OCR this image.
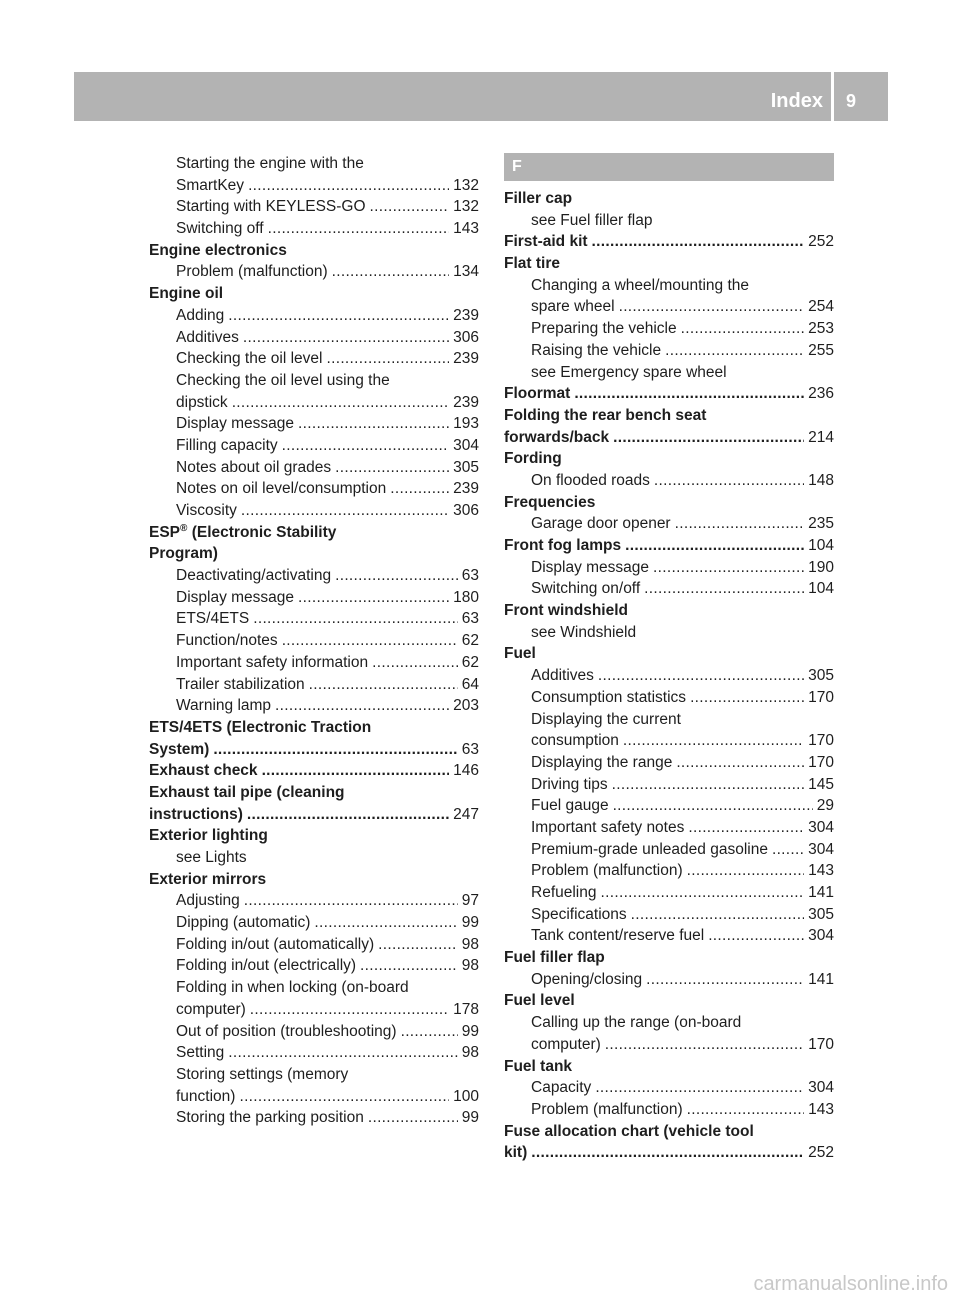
Index 9
Starting the engine with the
SmartKey . . .	132
Starting with KEYLESS-GO . . .	132
Switching off . . .	143
Engine electronics
Problem (malfunction) . . .	134
Engine oil
Adding . . .	239
Additives . . .	306
Checking the oil level . . .	239
Checking the oil level using the
dipstick . . .	239
Display message . . .	193
Filling capacity . . .	304
Notes about oil grades . . .	305
Notes on oil level/consumption . . .	239
Viscosity . . .	306
ESP® (Electronic Stability
Program)
Deactivating/activating . . .	63
Display message . . .	180
ETS/4ETS . . .	63
Function/notes . . .	62
Important safety information . . .	62
Trailer stabilization . . .	64
Warning lamp . . .	203
ETS/4ETS (Electronic Traction
System) . . .	63
Exhaust check . . .	146
Exhaust tail pipe (cleaning
instructions) . . .	247
Exterior lighting
see Lights
Exterior mirrors
Adjusting . . .	97
Dipping (automatic) . . .	99
Folding in/out (automatically) . . .	98
Folding in/out (electrically) . . .	98
Folding in when locking (on-board
computer) . . .	178
Out of position (troubleshooting) . . .	99
Setting . . .	98
Storing settings (memory
function) . . .	100
Storing the parking position . . .	99
F
Filler cap
see Fuel filler flap
First-aid kit . . .	252
Flat tire
Changing a wheel/mounting the
spare wheel . . .	254
Preparing the vehicle . . .	253
Raising the vehicle . . .	255
see Emergency spare wheel
Floormat . . .	236
Folding the rear bench seat
forwards/back . . .	214
Fording
On flooded roads . . .	148
Frequencies
Garage door opener . . .	235
Front fog lamps . . .	104
Display message . . .	190
Switching on/off . . .	104
Front windshield
see Windshield
Fuel
Additives . . .	305
Consumption statistics . . .	170
Displaying the current
consumption . . .	170
Displaying the range . . .	170
Driving tips . . .	145
Fuel gauge . . .	29
Important safety notes . . .	304
Premium-grade unleaded gasoline . . .	304
Problem (malfunction) . . .	143
Refueling . . .	141
Specifications . . .	305
Tank content/reserve fuel . . .	304
Fuel filler flap
Opening/closing . . .	141
Fuel level
Calling up the range (on-board
computer) . . .	170
Fuel tank
Capacity . . .	304
Problem (malfunction) . . .	143
Fuse allocation chart (vehicle tool
kit) . . .	252
carmanualsonline.info
